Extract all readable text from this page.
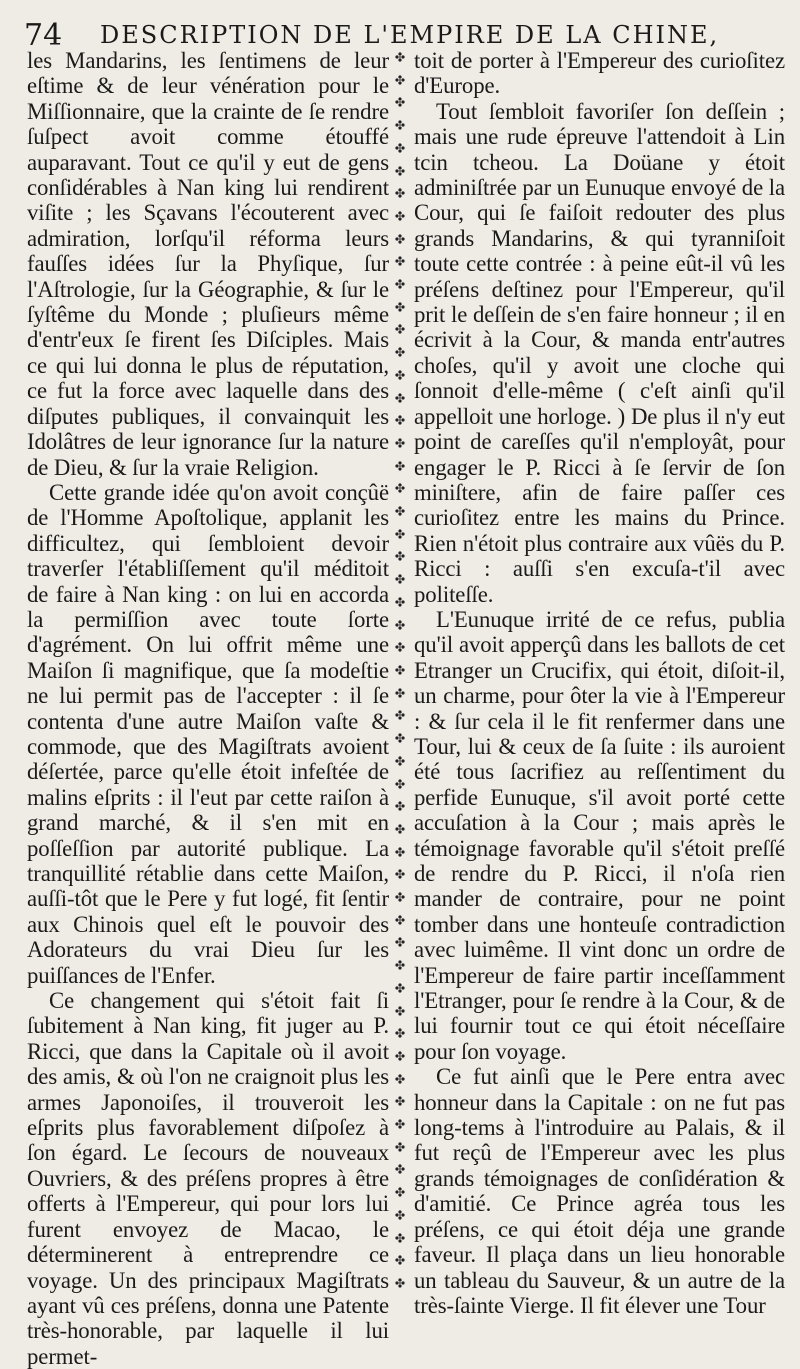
74 DESCRIPTION DE L'EMPIRE DE LA CHINE,

les Mandarins, les ſentimens de leur eſtime & de leur vénération pour le Miſſionnaire, que la crainte de ſe rendre ſuſpect avoit comme étouffé auparavant. Tout ce qu'il y eut de gens conſidérables à Nan king lui rendirent viſite ; les Sçavans l'écouterent avec admiration, lorſqu'il réforma leurs fauſſes idées ſur la Phyſique, ſur l'Aſtrologie, ſur la Géographie, & ſur le ſyſtême du Monde ; pluſieurs même d'entr'eux ſe firent ſes Diſciples. Mais ce qui lui donna le plus de réputation, ce fut la force avec laquelle dans des diſputes publiques, il convainquit les Idolâtres de leur ignorance ſur la nature de Dieu, & ſur la vraie Religion.

Cette grande idée qu'on avoit conçûë de l'Homme Apoſtolique, applanit les difficultez, qui ſembloient devoir traverſer l'établiſſement qu'il méditoit de faire à Nan king : on lui en accorda la permiſſion avec toute ſorte d'agrément. On lui offrit même une Maiſon ſi magnifique, que ſa modeſtie ne lui permit pas de l'accepter : il ſe contenta d'une autre Maiſon vaſte & commode, que des Magiſtrats avoient déſertée, parce qu'elle étoit infeſtée de malins eſprits : il l'eut par cette raiſon à grand marché, & il s'en mit en poſſeſſion par autorité publique. La tranquillité rétablie dans cette Maiſon, auſſi-tôt que le Pere y fut logé, fit ſentir aux Chinois quel eſt le pouvoir des Adorateurs du vrai Dieu ſur les puiſſances de l'Enfer.

Ce changement qui s'étoit fait ſi ſubitement à Nan king, fit juger au P. Ricci, que dans la Capitale où il avoit des amis, & où l'on ne craignoit plus les armes Japonoiſes, il trouveroit les eſprits plus favorablement diſpoſez à ſon égard. Le ſecours de nouveaux Ouvriers, & des préſens propres à être offerts à l'Empereur, qui pour lors lui furent envoyez de Macao, le déterminerent à entreprendre ce voyage. Un des principaux Magiſtrats ayant vû ces préſens, donna une Patente très-honorable, par laquelle il lui permet-

toit de porter à l'Empereur des curioſitez d'Europe.

Tout ſembloit favoriſer ſon deſſein ; mais une rude épreuve l'attendoit à Lin tcin tcheou. La Doüane y étoit adminiſtrée par un Eunuque envoyé de la Cour, qui ſe faiſoit redouter des plus grands Mandarins, & qui tyranniſoit toute cette contrée : à peine eût-il vû les préſens deſtinez pour l'Empereur, qu'il prit le deſſein de s'en faire honneur ; il en écrivit à la Cour, & manda entr'autres choſes, qu'il y avoit une cloche qui ſonnoit d'elle-même ( c'eſt ainſi qu'il appelloit une horloge. ) De plus il n'y eut point de careſſes qu'il n'employât, pour engager le P. Ricci à ſe ſervir de ſon miniſtere, afin de faire paſſer ces curioſitez entre les mains du Prince. Rien n'étoit plus contraire aux vûës du P. Ricci : auſſi s'en excuſa-t'il avec politeſſe.

L'Eunuque irrité de ce refus, publia qu'il avoit apperçû dans les ballots de cet Etranger un Crucifix, qui étoit, diſoit-il, un charme, pour ôter la vie à l'Empereur : & ſur cela il le fit renfermer dans une Tour, lui & ceux de ſa ſuite : ils auroient été tous ſacrifiez au reſſentiment du perfide Eunuque, s'il avoit porté cette accuſation à la Cour ; mais après le témoignage favorable qu'il s'étoit preſſé de rendre du P. Ricci, il n'oſa rien mander de contraire, pour ne point tomber dans une honteuſe contradiction avec luimême. Il vint donc un ordre de l'Empereur de faire partir inceſſamment l'Etranger, pour ſe rendre à la Cour, & de lui fournir tout ce qui étoit néceſſaire pour ſon voyage.

Ce fut ainſi que le Pere entra avec honneur dans la Capitale : on ne fut pas long-tems à l'introduire au Palais, & il fut reçû de l'Empereur avec les plus grands témoignages de conſidération & d'amitié. Ce Prince agréa tous les préſens, ce qui étoit déja une grande faveur. Il plaça dans un lieu honorable un tableau du Sauveur, & un autre de la très-ſainte Vierge. Il fit élever une Tour
